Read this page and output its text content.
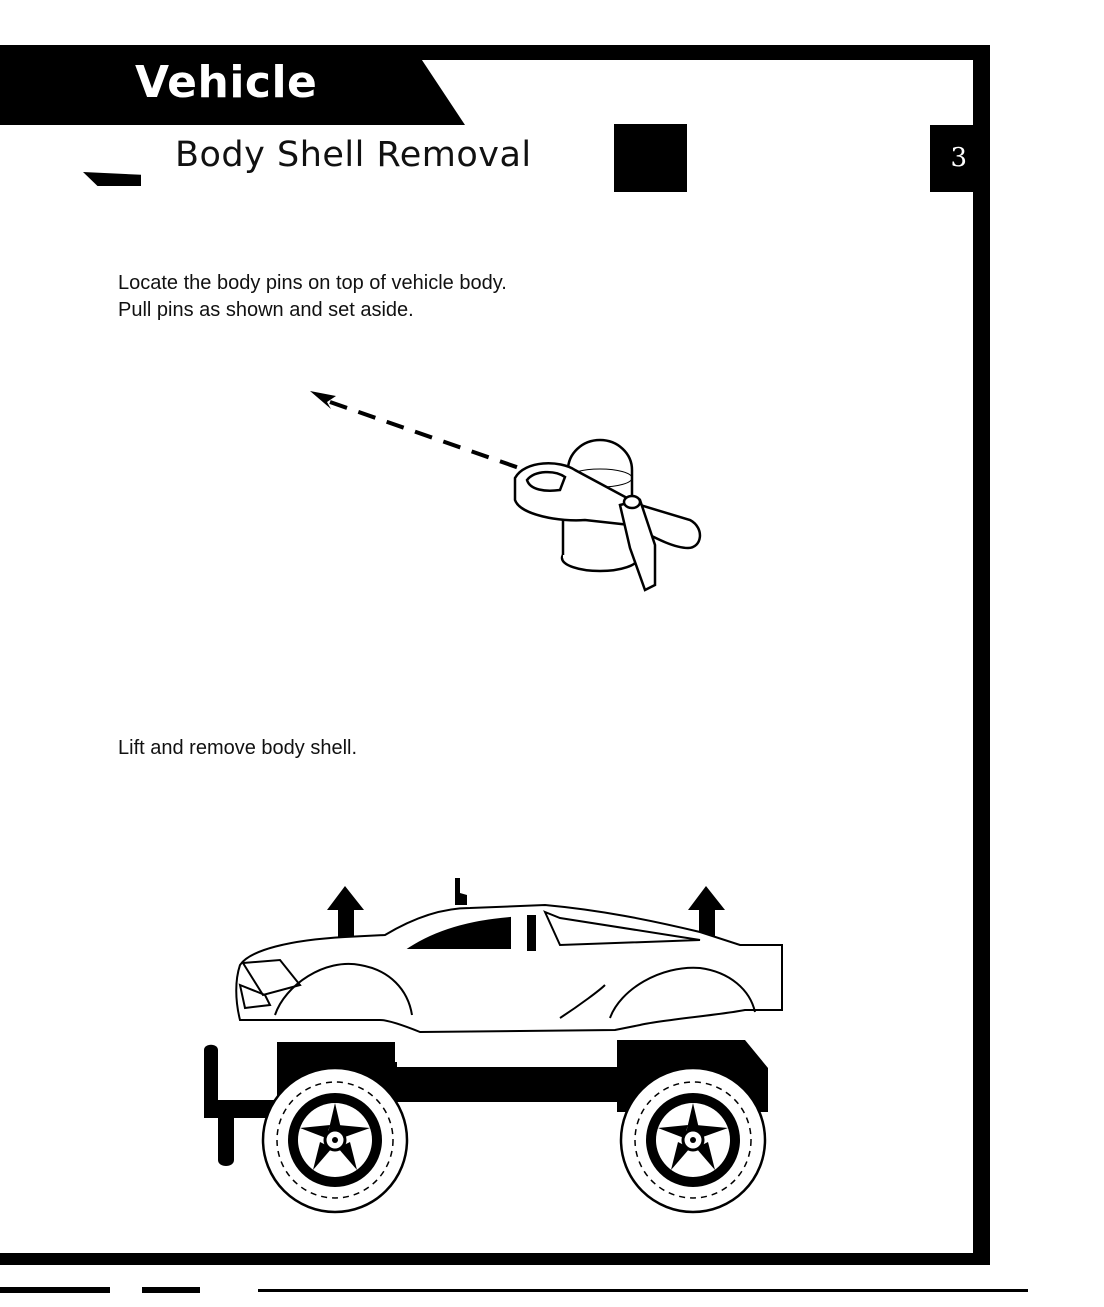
Vehicle
Body Shell Removal	3
Locate the body pins on top of vehicle body.
Pull pins as shown and set aside.
Lift and remove body shell.
